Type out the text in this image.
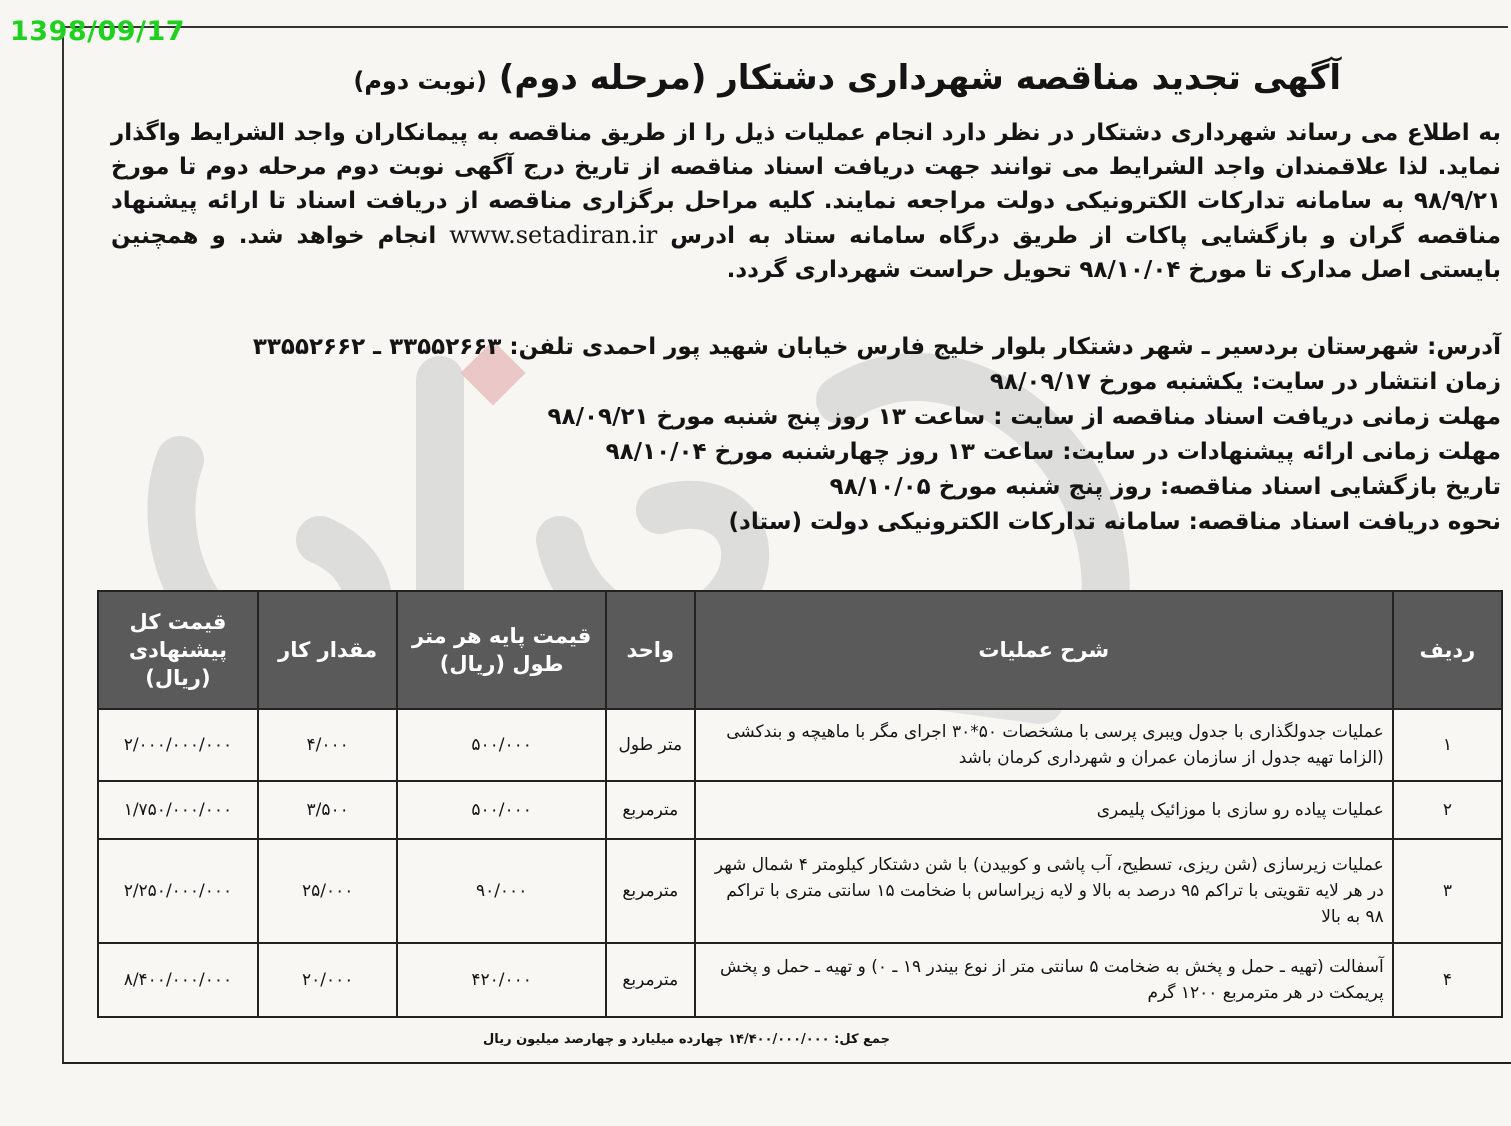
1398/09/17
آگهی تجدید مناقصه شهرداری دشتکار (مرحله دوم) (نوبت دوم)
به اطلاع می رساند شهرداری دشتکار در نظر دارد انجام عملیات ذیل را از طریق مناقصه به پیمانکاران واجد الشرایط واگذار نماید. لذا علاقمندان واجد الشرایط می توانند جهت دریافت اسناد مناقصه از تاریخ درج آگهی نوبت دوم مرحله دوم تا مورخ ۹۸/۹/۲۱ به سامانه تدارکات الکترونیکی دولت مراجعه نمایند. کلیه مراحل برگزاری مناقصه از دریافت اسناد تا ارائه پیشنهاد مناقصه گران و بازگشایی پاکات از طریق درگاه سامانه ستاد به ادرس www.setadiran.ir انجام خواهد شد. و همچنین بایستی اصل مدارک تا مورخ ۹۸/۱۰/۰۴ تحویل حراست شهرداری گردد.
آدرس: شهرستان بردسیر ـ شهر دشتکار بلوار خلیج فارس خیابان شهید پور احمدی تلفن: ۳۳۵۵۲۶۶۳ ـ ۳۳۵۵۲۶۶۲
زمان انتشار در سایت: یکشنبه مورخ ۹۸/۰۹/۱۷
مهلت زمانی دریافت اسناد مناقصه از سایت : ساعت ۱۳ روز پنج شنبه مورخ ۹۸/۰۹/۲۱
مهلت زمانی ارائه پیشنهادات در سایت: ساعت ۱۳ روز چهارشنبه مورخ ۹۸/۱۰/۰۴
تاریخ بازگشایی اسناد مناقصه: روز پنج شنبه مورخ ۹۸/۱۰/۰۵
نحوه دریافت اسناد مناقصه: سامانه تدارکات الکترونیکی دولت (ستاد)
ردیف	شرح عملیات	واحد	قیمت پایه هر متر طول (ریال)	مقدار کار	قیمت کل پیشنهادی (ریال)
۱	عملیات جدولگذاری با جدول ویبری پرسی با مشخصات ۵۰*۳۰ اجرای مگر با ماهیچه و بندکشی (الزاما تهیه جدول از سازمان عمران و شهرداری کرمان باشد	متر طول	۵۰۰/۰۰۰	۴/۰۰۰	۲/۰۰۰/۰۰۰/۰۰۰
۲	عملیات پیاده رو سازی با موزائیک پلیمری	مترمربع	۵۰۰/۰۰۰	۳/۵۰۰	۱/۷۵۰/۰۰۰/۰۰۰
۳	عملیات زیرسازی (شن ریزی، تسطیح، آب پاشی و کوبیدن) با شن دشتکار کیلومتر ۴ شمال شهر در هر لایه تقویتی با تراکم ۹۵ درصد به بالا و لایه زیراساس با ضخامت ۱۵ سانتی متری با تراکم ۹۸ به بالا	مترمربع	۹۰/۰۰۰	۲۵/۰۰۰	۲/۲۵۰/۰۰۰/۰۰۰
۴	آسفالت (تهیه ـ حمل و پخش به ضخامت ۵ سانتی متر از نوع بیندر ۱۹ ـ ۰) و تهیه ـ حمل و پخش پریمکت در هر مترمربع ۱۲۰۰ گرم	مترمربع	۴۲۰/۰۰۰	۲۰/۰۰۰	۸/۴۰۰/۰۰۰/۰۰۰
جمع کل: ۱۴/۴۰۰/۰۰۰/۰۰۰ چهارده میلیارد و چهارصد میلیون ریال
